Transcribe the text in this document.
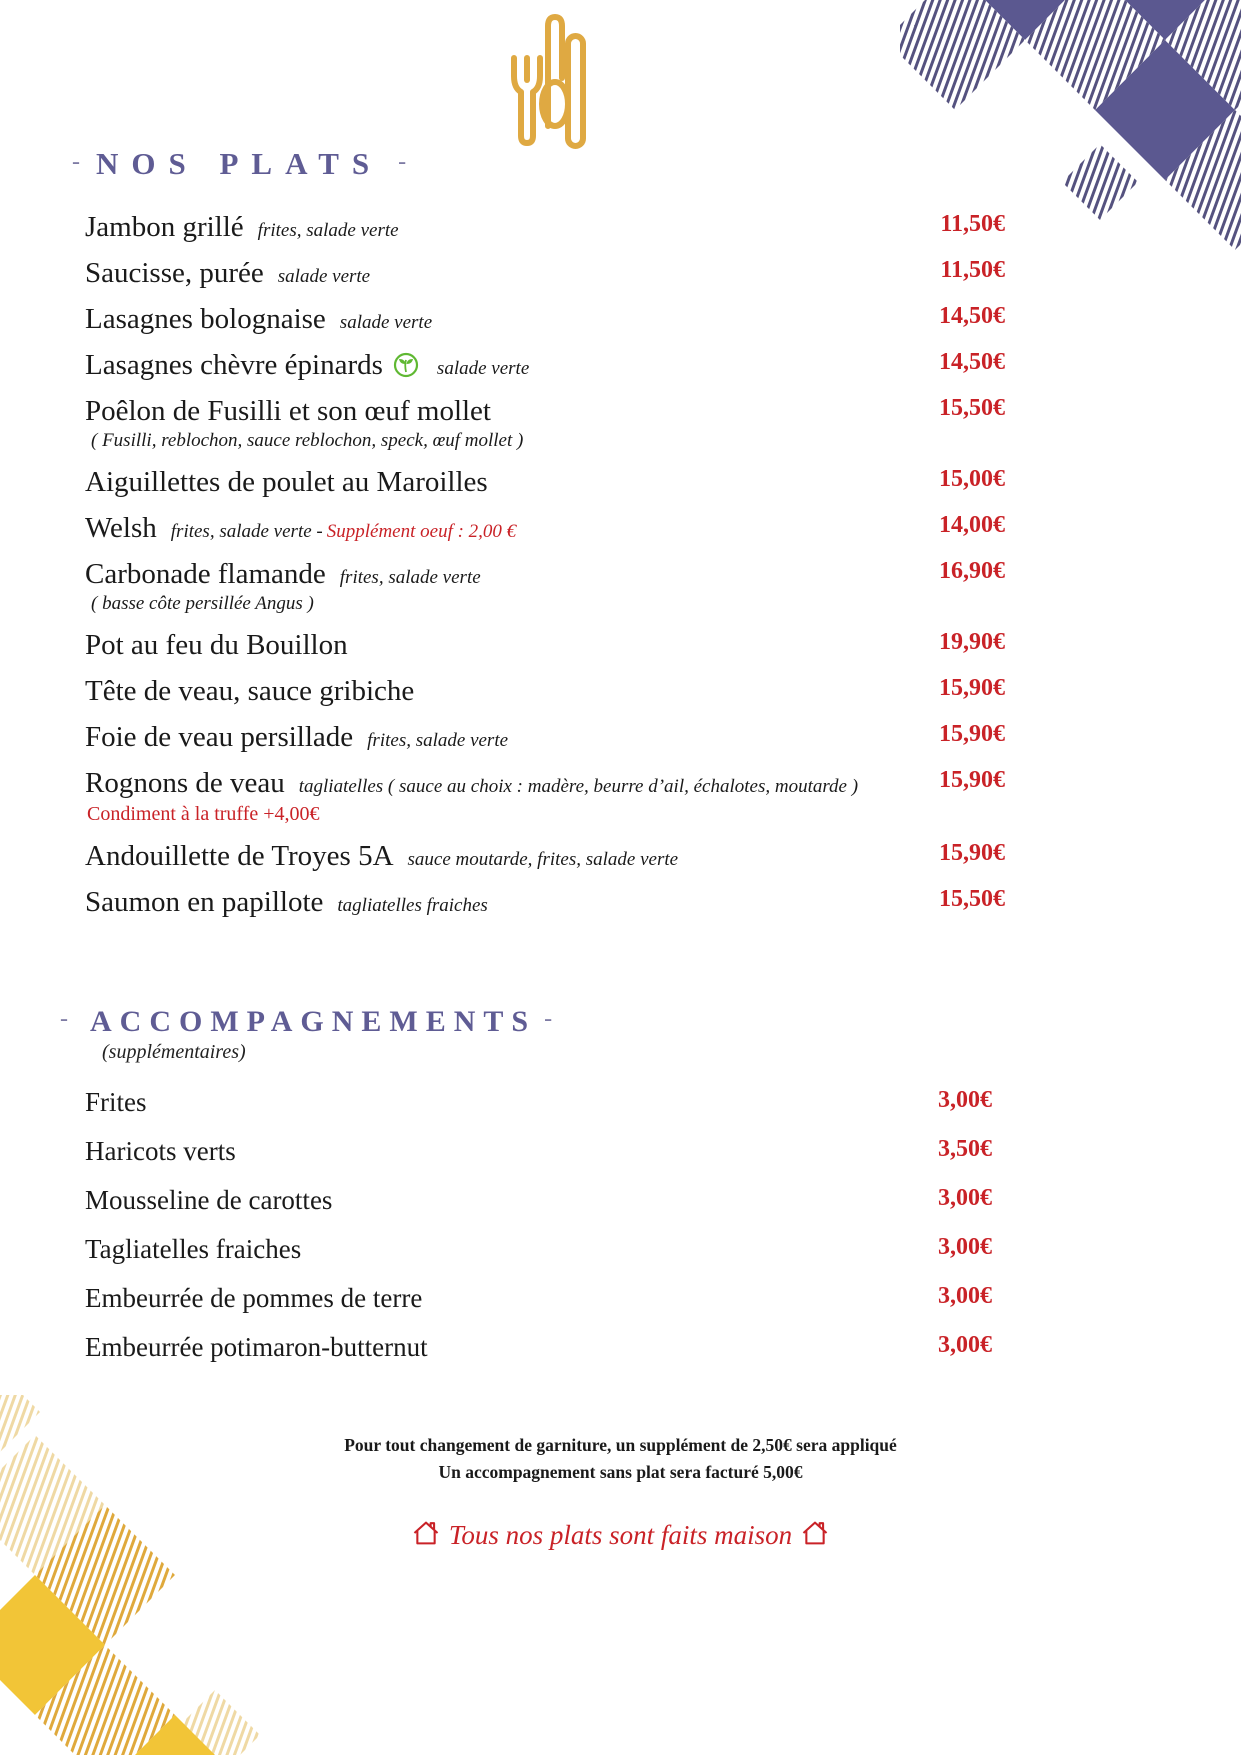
- NOS PLATS -
Jambon grillé frites, salade verte	11,50€
Saucisse, purée salade verte	11,50€
Lasagnes bolognaise salade verte	14,50€
Lasagnes chèvre épinards	salade verte	14,50€
Poêlon de Fusilli et son œuf mollet
( Fusilli, reblochon, sauce reblochon, speck, œuf mollet )
15,50€
Aiguillettes de poulet au Maroilles	15,00€
Welsh frites, salade verte - Supplément oeuf : 2,00 €	14,00€
Carbonade flamande frites, salade verte
( basse côte persillée Angus )
16,90€
Pot au feu du Bouillon	19,90€
Tête de veau, sauce gribiche	15,90€
Foie de veau persillade frites, salade verte	15,90€
Rognons de veau tagliatelles ( sauce au choix : madère, beurre d’ail, échalotes, moutarde )
Condiment à la truffe +4,00€
15,90€
Andouillette de Troyes 5A sauce moutarde, frites, salade verte	15,90€
Saumon en papillote tagliatelles fraiches	15,50€
- ACCOMPAGNEMENTS -
(supplémentaires)
Frites	3,00€
Haricots verts	3,50€
Mousseline de carottes	3,00€
Tagliatelles fraiches	3,00€
Embeurrée de pommes de terre	3,00€
Embeurrée potimaron-butternut	3,00€

Pour tout changement de garniture, un supplément de 2,50€ sera appliqué

Un accompagnement sans plat sera facturé 5,00€

Tous nos plats sont faits maison
